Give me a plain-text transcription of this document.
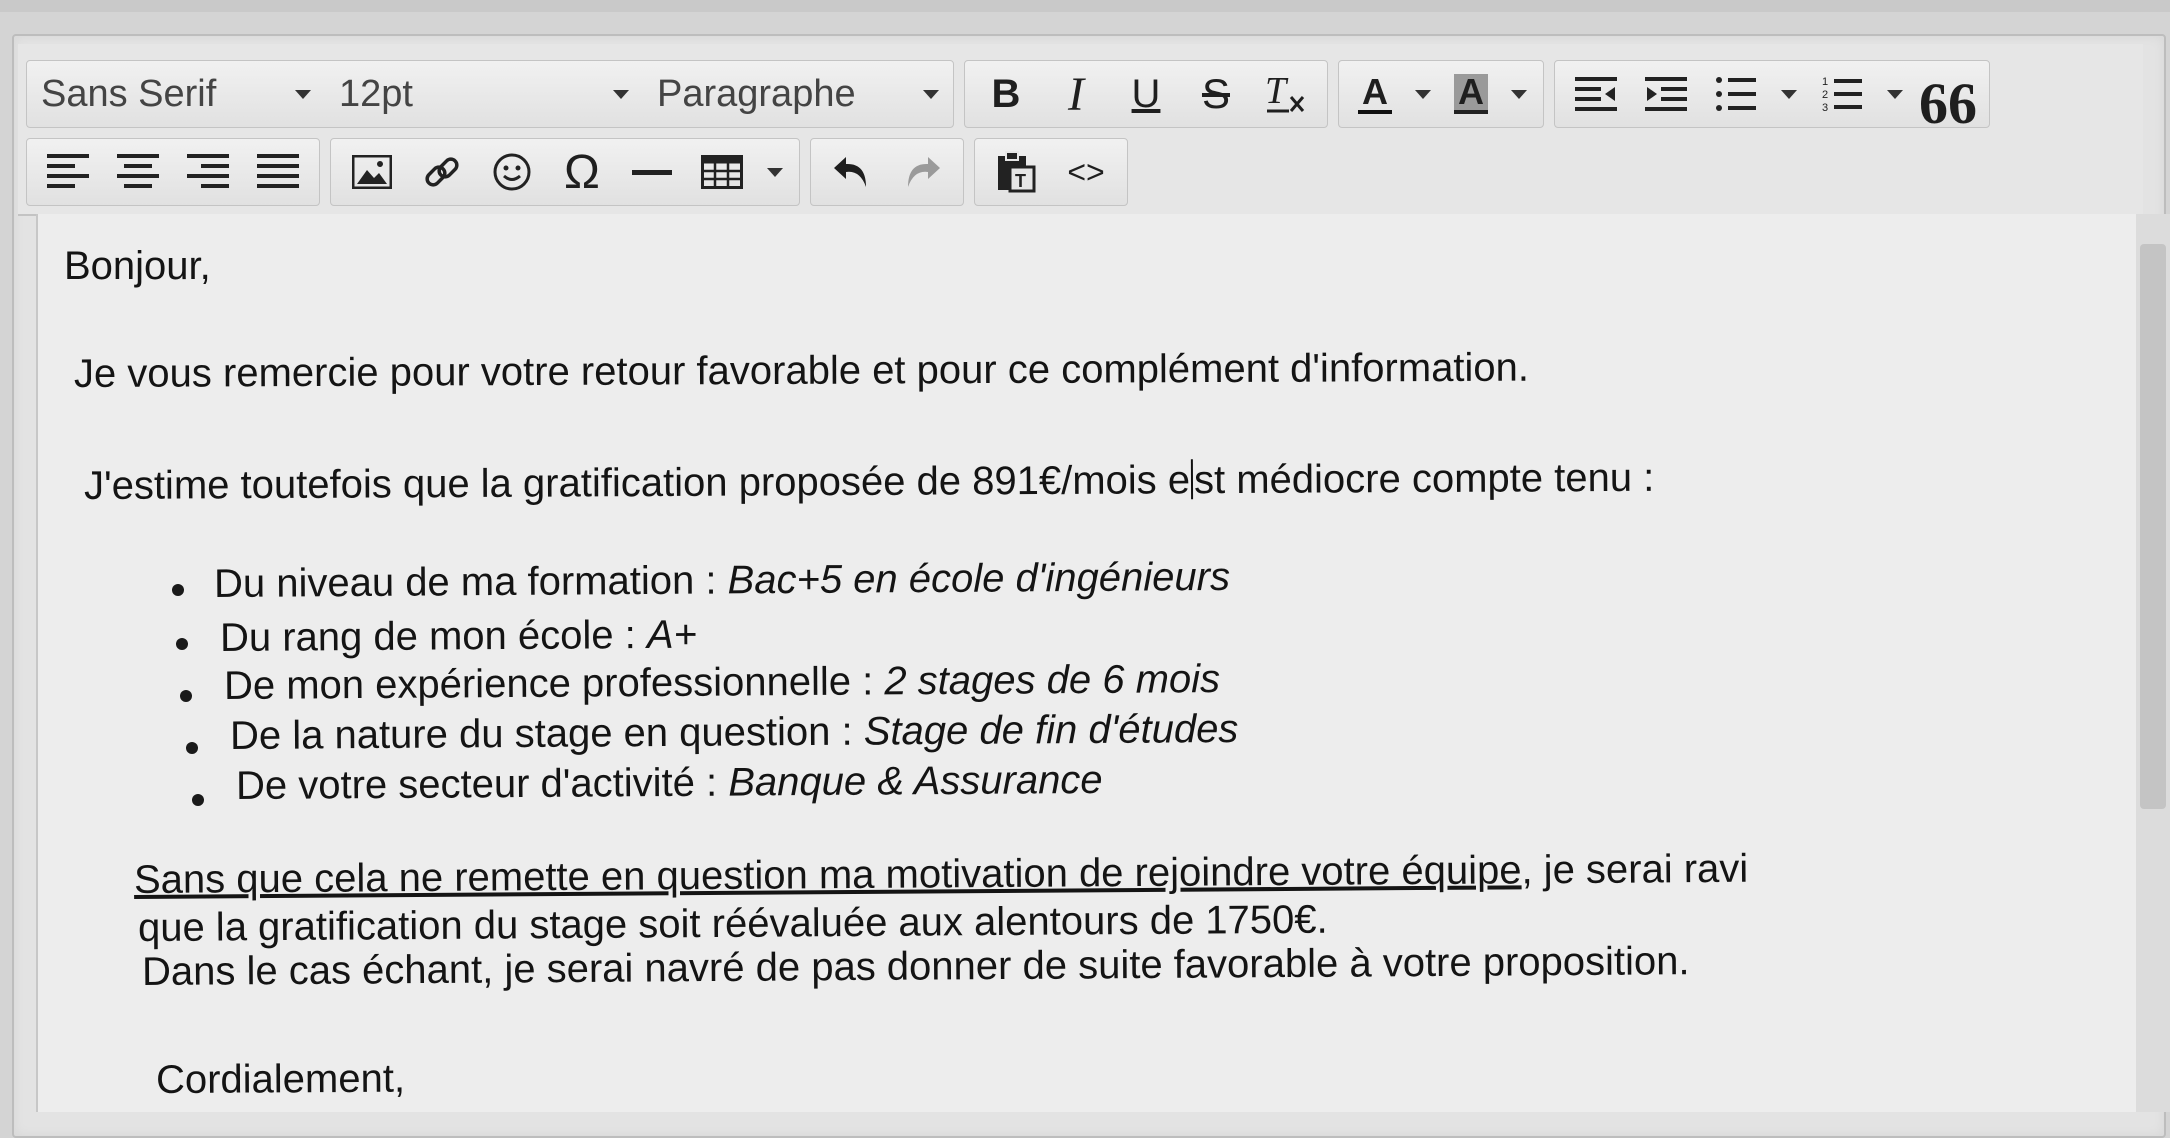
Sans Serif	12pt	Paragraphe	B I U S T A A	1
2
3 66
Ω	T <>
Bonjour,
Je vous remercie pour votre retour favorable et pour ce complément d'information.
J'estime toutefois que la gratification proposée de 891€/mois est médiocre compte tenu :
Du niveau de ma formation : Bac+5 en école d'ingénieurs
Du rang de mon école : A+
De mon expérience professionnelle : 2 stages de 6 mois
De la nature du stage en question : Stage de fin d'études
De votre secteur d'activité : Banque & Assurance
Sans que cela ne remette en question ma motivation de rejoindre votre équipe, je serai ravi
que la gratification du stage soit réévaluée aux alentours de 1750€.
Dans le cas échant, je serai navré de pas donner de suite favorable à votre proposition.
Cordialement,
